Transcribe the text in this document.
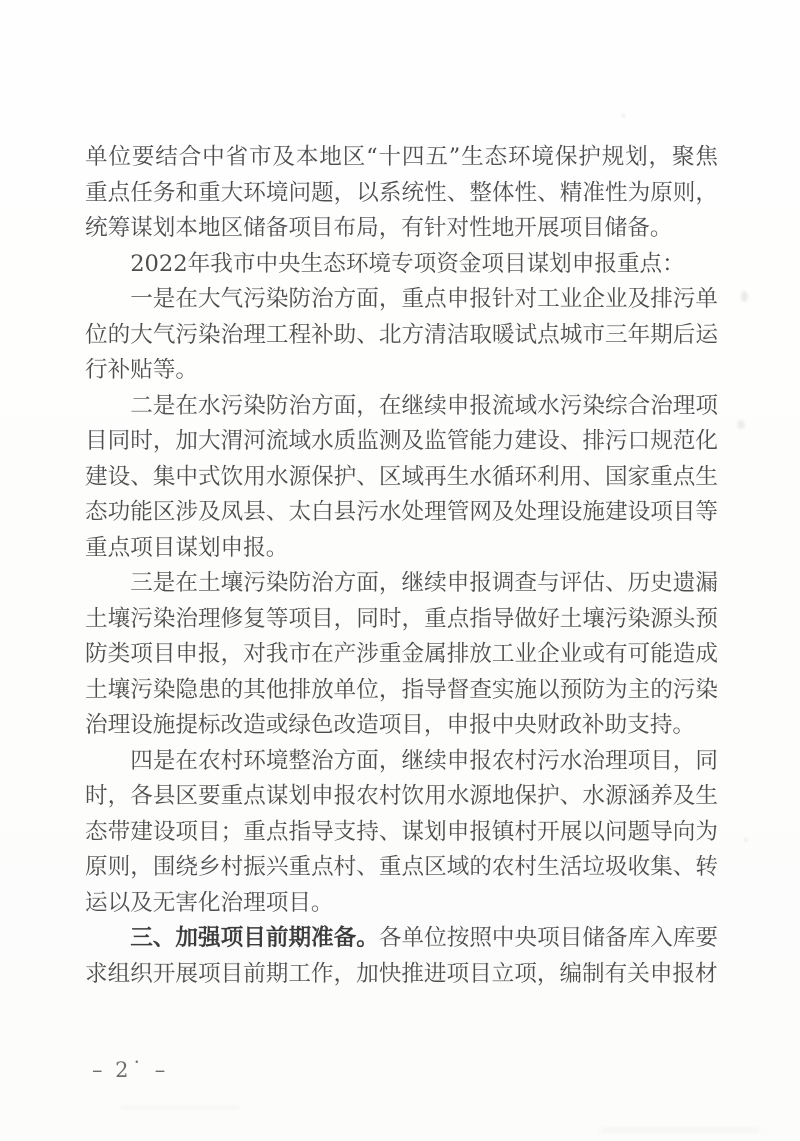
单位要结合中省市及本地区“十四五”生态环境保护规划，聚焦重点任务和重大环境问题，以系统性、整体性、精准性为原则，统筹谋划本地区储备项目布局，有针对性地开展项目储备。

2022年我市中央生态环境专项资金项目谋划申报重点：

一是在大气污染防治方面，重点申报针对工业企业及排污单位的大气污染治理工程补助、北方清洁取暖试点城市三年期后运行补贴等。

二是在水污染防治方面，在继续申报流域水污染综合治理项目同时，加大渭河流域水质监测及监管能力建设、排污口规范化建设、集中式饮用水源保护、区域再生水循环利用、国家重点生态功能区涉及凤县、太白县污水处理管网及处理设施建设项目等重点项目谋划申报。

三是在土壤污染防治方面，继续申报调查与评估、历史遗漏土壤污染治理修复等项目，同时，重点指导做好土壤污染源头预防类项目申报，对我市在产涉重金属排放工业企业或有可能造成土壤污染隐患的其他排放单位，指导督查实施以预防为主的污染治理设施提标改造或绿色改造项目，申报中央财政补助支持。

四是在农村环境整治方面，继续申报农村污水治理项目，同时，各县区要重点谋划申报农村饮用水源地保护、水源涵养及生态带建设项目；重点指导支持、谋划申报镇村开展以问题导向为原则，围绕乡村振兴重点村、重点区域的农村生活垃圾收集、转运以及无害化治理项目。

三、加强项目前期准备。各单位按照中央项目储备库入库要求组织开展项目前期工作，加快推进项目立项，编制有关申报材

– 2˙ –
